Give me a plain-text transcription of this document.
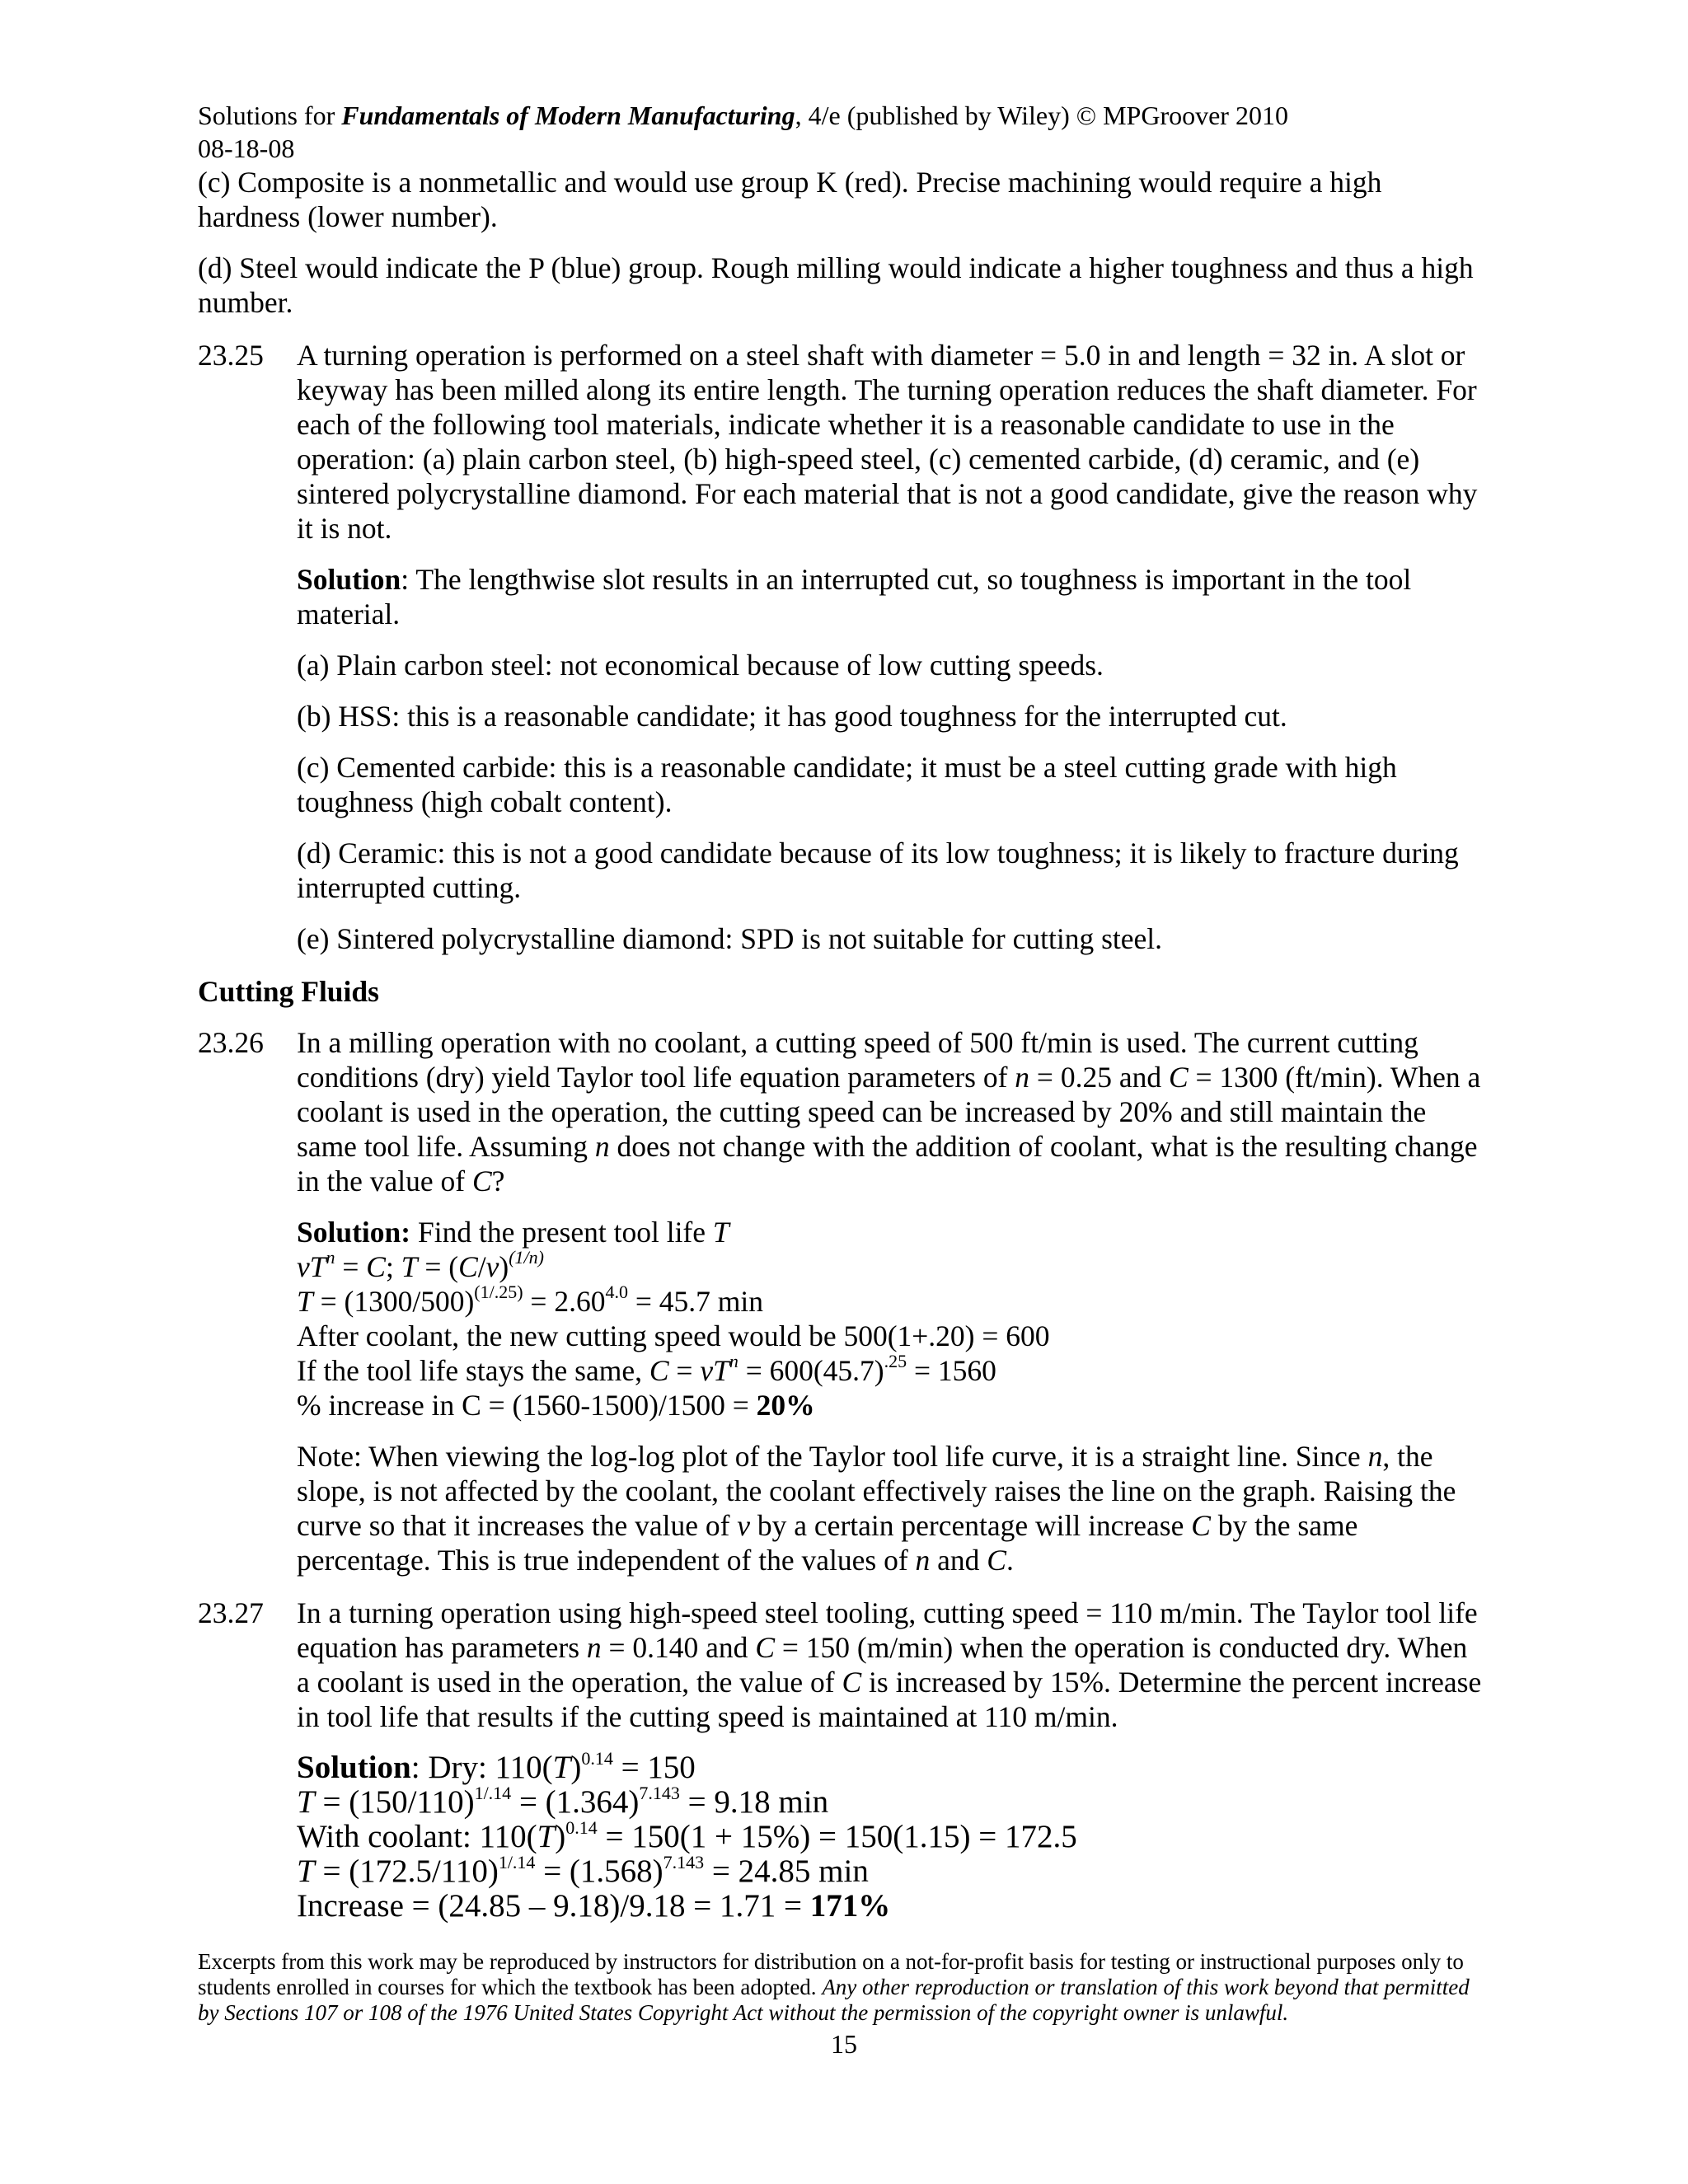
Solutions for Fundamentals of Modern Manufacturing, 4/e (published by Wiley) © MPGroover 2010
08-18-08
(c) Composite is a nonmetallic and would use group K (red). Precise machining would require a high hardness (lower number).
(d) Steel would indicate the P (blue) group. Rough milling would indicate a higher toughness and thus a high number.
23.25 A turning operation is performed on a steel shaft with diameter = 5.0 in and length = 32 in. A slot or keyway has been milled along its entire length. The turning operation reduces the shaft diameter. For each of the following tool materials, indicate whether it is a reasonable candidate to use in the operation: (a) plain carbon steel, (b) high-speed steel, (c) cemented carbide, (d) ceramic, and (e) sintered polycrystalline diamond. For each material that is not a good candidate, give the reason why it is not.
Solution: The lengthwise slot results in an interrupted cut, so toughness is important in the tool material.
(a) Plain carbon steel: not economical because of low cutting speeds.
(b) HSS: this is a reasonable candidate; it has good toughness for the interrupted cut.
(c) Cemented carbide: this is a reasonable candidate; it must be a steel cutting grade with high toughness (high cobalt content).
(d) Ceramic: this is not a good candidate because of its low toughness; it is likely to fracture during interrupted cutting.
(e) Sintered polycrystalline diamond: SPD is not suitable for cutting steel.
Cutting Fluids
23.26 In a milling operation with no coolant, a cutting speed of 500 ft/min is used. The current cutting conditions (dry) yield Taylor tool life equation parameters of n = 0.25 and C = 1300 (ft/min). When a coolant is used in the operation, the cutting speed can be increased by 20% and still maintain the same tool life. Assuming n does not change with the addition of coolant, what is the resulting change in the value of C?
Solution: Find the present tool life T
$vT^n = C$; $T = (C/v)^{(1/n)}$
$T = (1300/500)^{(1/.25)} = 2.60^{4.0} = 45.7$ min
After coolant, the new cutting speed would be 500(1+.20) = 600
If the tool life stays the same, $C = vT^n = 600(45.7)^{.25} = 1560$
% increase in C = (1560-1500)/1500 = 20%
Note: When viewing the log-log plot of the Taylor tool life curve, it is a straight line. Since n, the slope, is not affected by the coolant, the coolant effectively raises the line on the graph. Raising the curve so that it increases the value of v by a certain percentage will increase C by the same percentage. This is true independent of the values of n and C.
23.27 In a turning operation using high-speed steel tooling, cutting speed = 110 m/min. The Taylor tool life equation has parameters n = 0.140 and C = 150 (m/min) when the operation is conducted dry. When a coolant is used in the operation, the value of C is increased by 15%. Determine the percent increase in tool life that results if the cutting speed is maintained at 110 m/min.
Solution: Dry: $110(T)^{0.14} = 150$
$T = (150/110)^{1/.14} = (1.364)^{7.143} = 9.18$ min
With coolant: $110(T)^{0.14} = 150(1 + 15\%) = 150(1.15) = 172.5$
$T = (172.5/110)^{1/.14} = (1.568)^{7.143} = 24.85$ min
Increase = (24.85 – 9.18)/9.18 = 1.71 = 171%
Excerpts from this work may be reproduced by instructors for distribution on a not-for-profit basis for testing or instructional purposes only to students enrolled in courses for which the textbook has been adopted. Any other reproduction or translation of this work beyond that permitted by Sections 107 or 108 of the 1976 United States Copyright Act without the permission of the copyright owner is unlawful.
15
